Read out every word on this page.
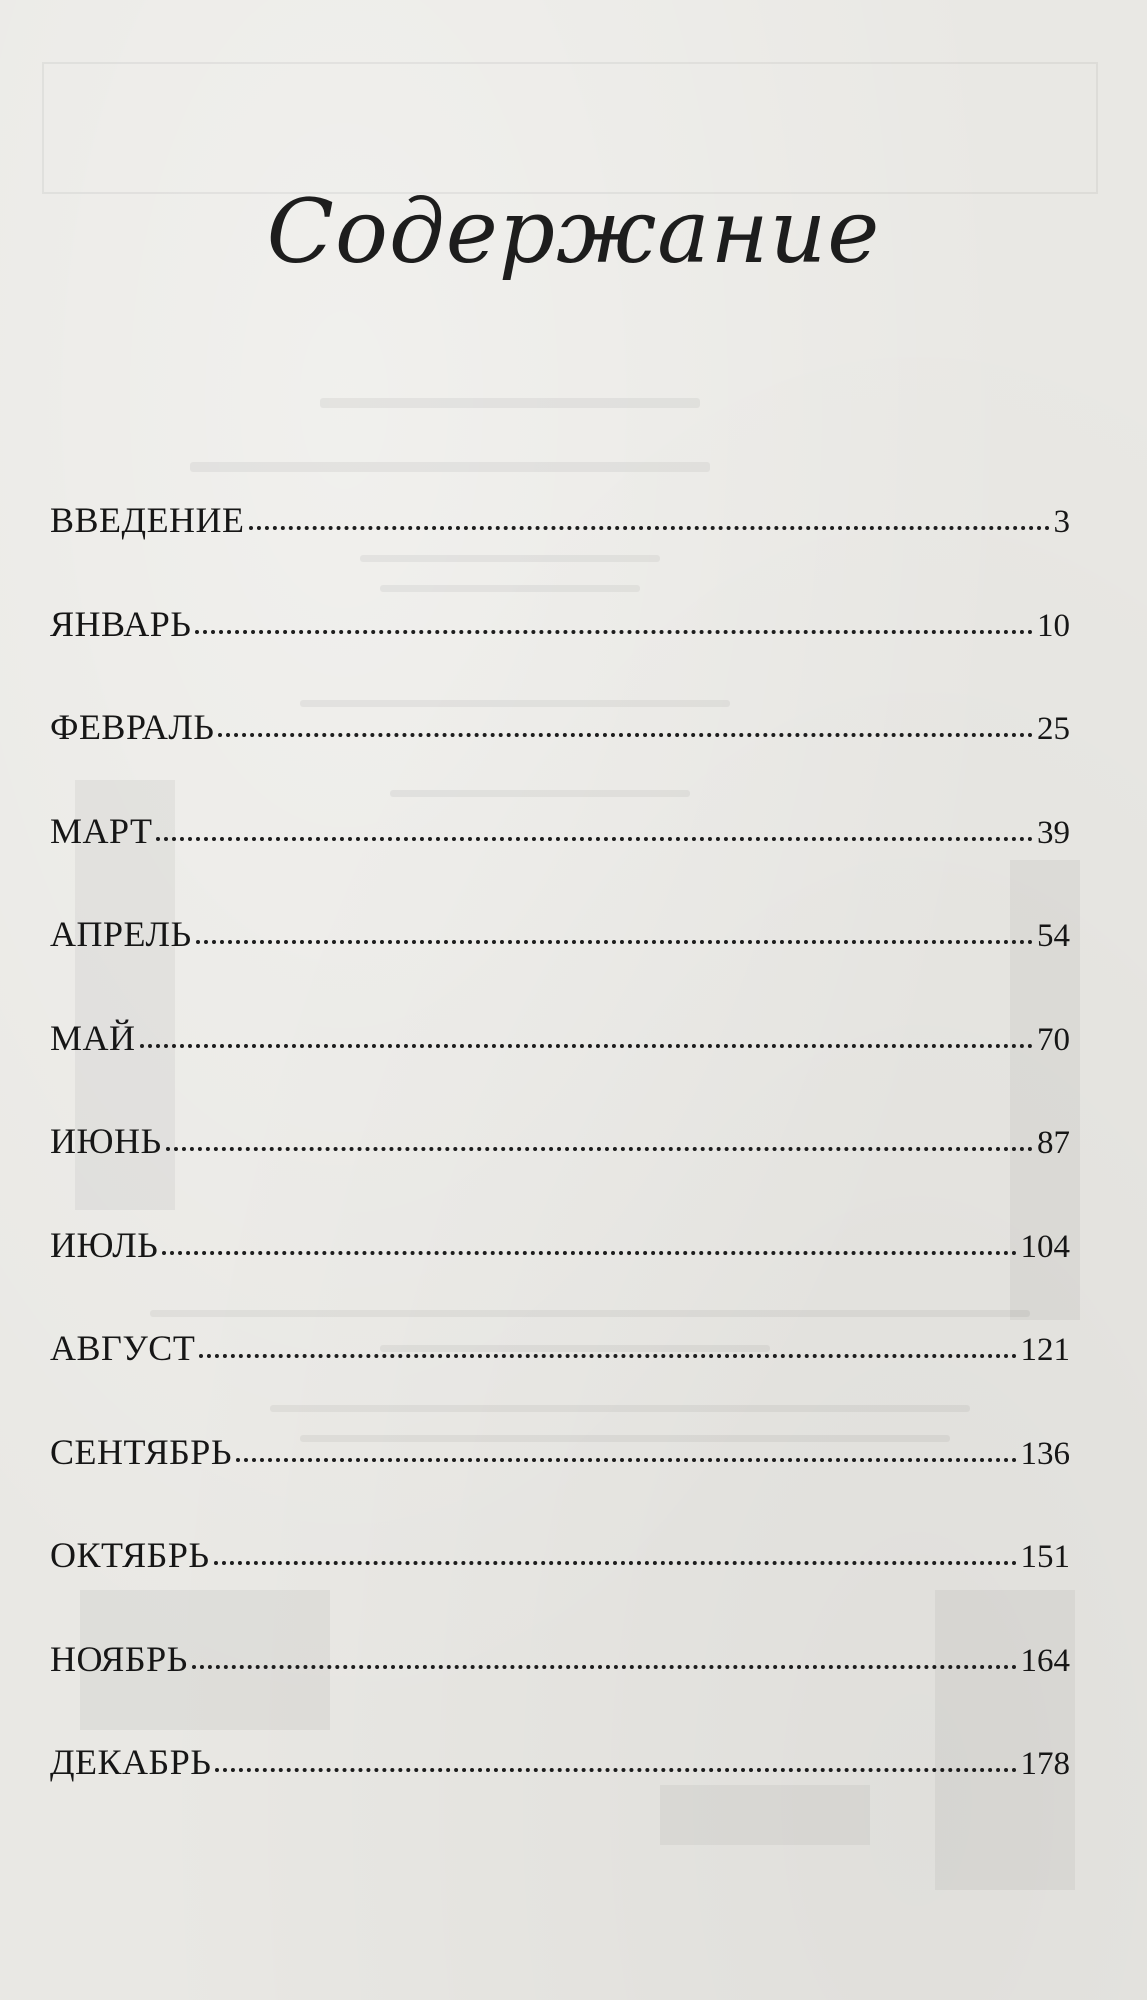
Содержание
ВВЕДЕНИЕ	3
ЯНВАРЬ	10
ФЕВРАЛЬ	25
МАРТ	39
АПРЕЛЬ	54
МАЙ	70
ИЮНЬ	87
ИЮЛЬ	104
АВГУСТ	121
СЕНТЯБРЬ	136
ОКТЯБРЬ	151
НОЯБРЬ	164
ДЕКАБРЬ	178
